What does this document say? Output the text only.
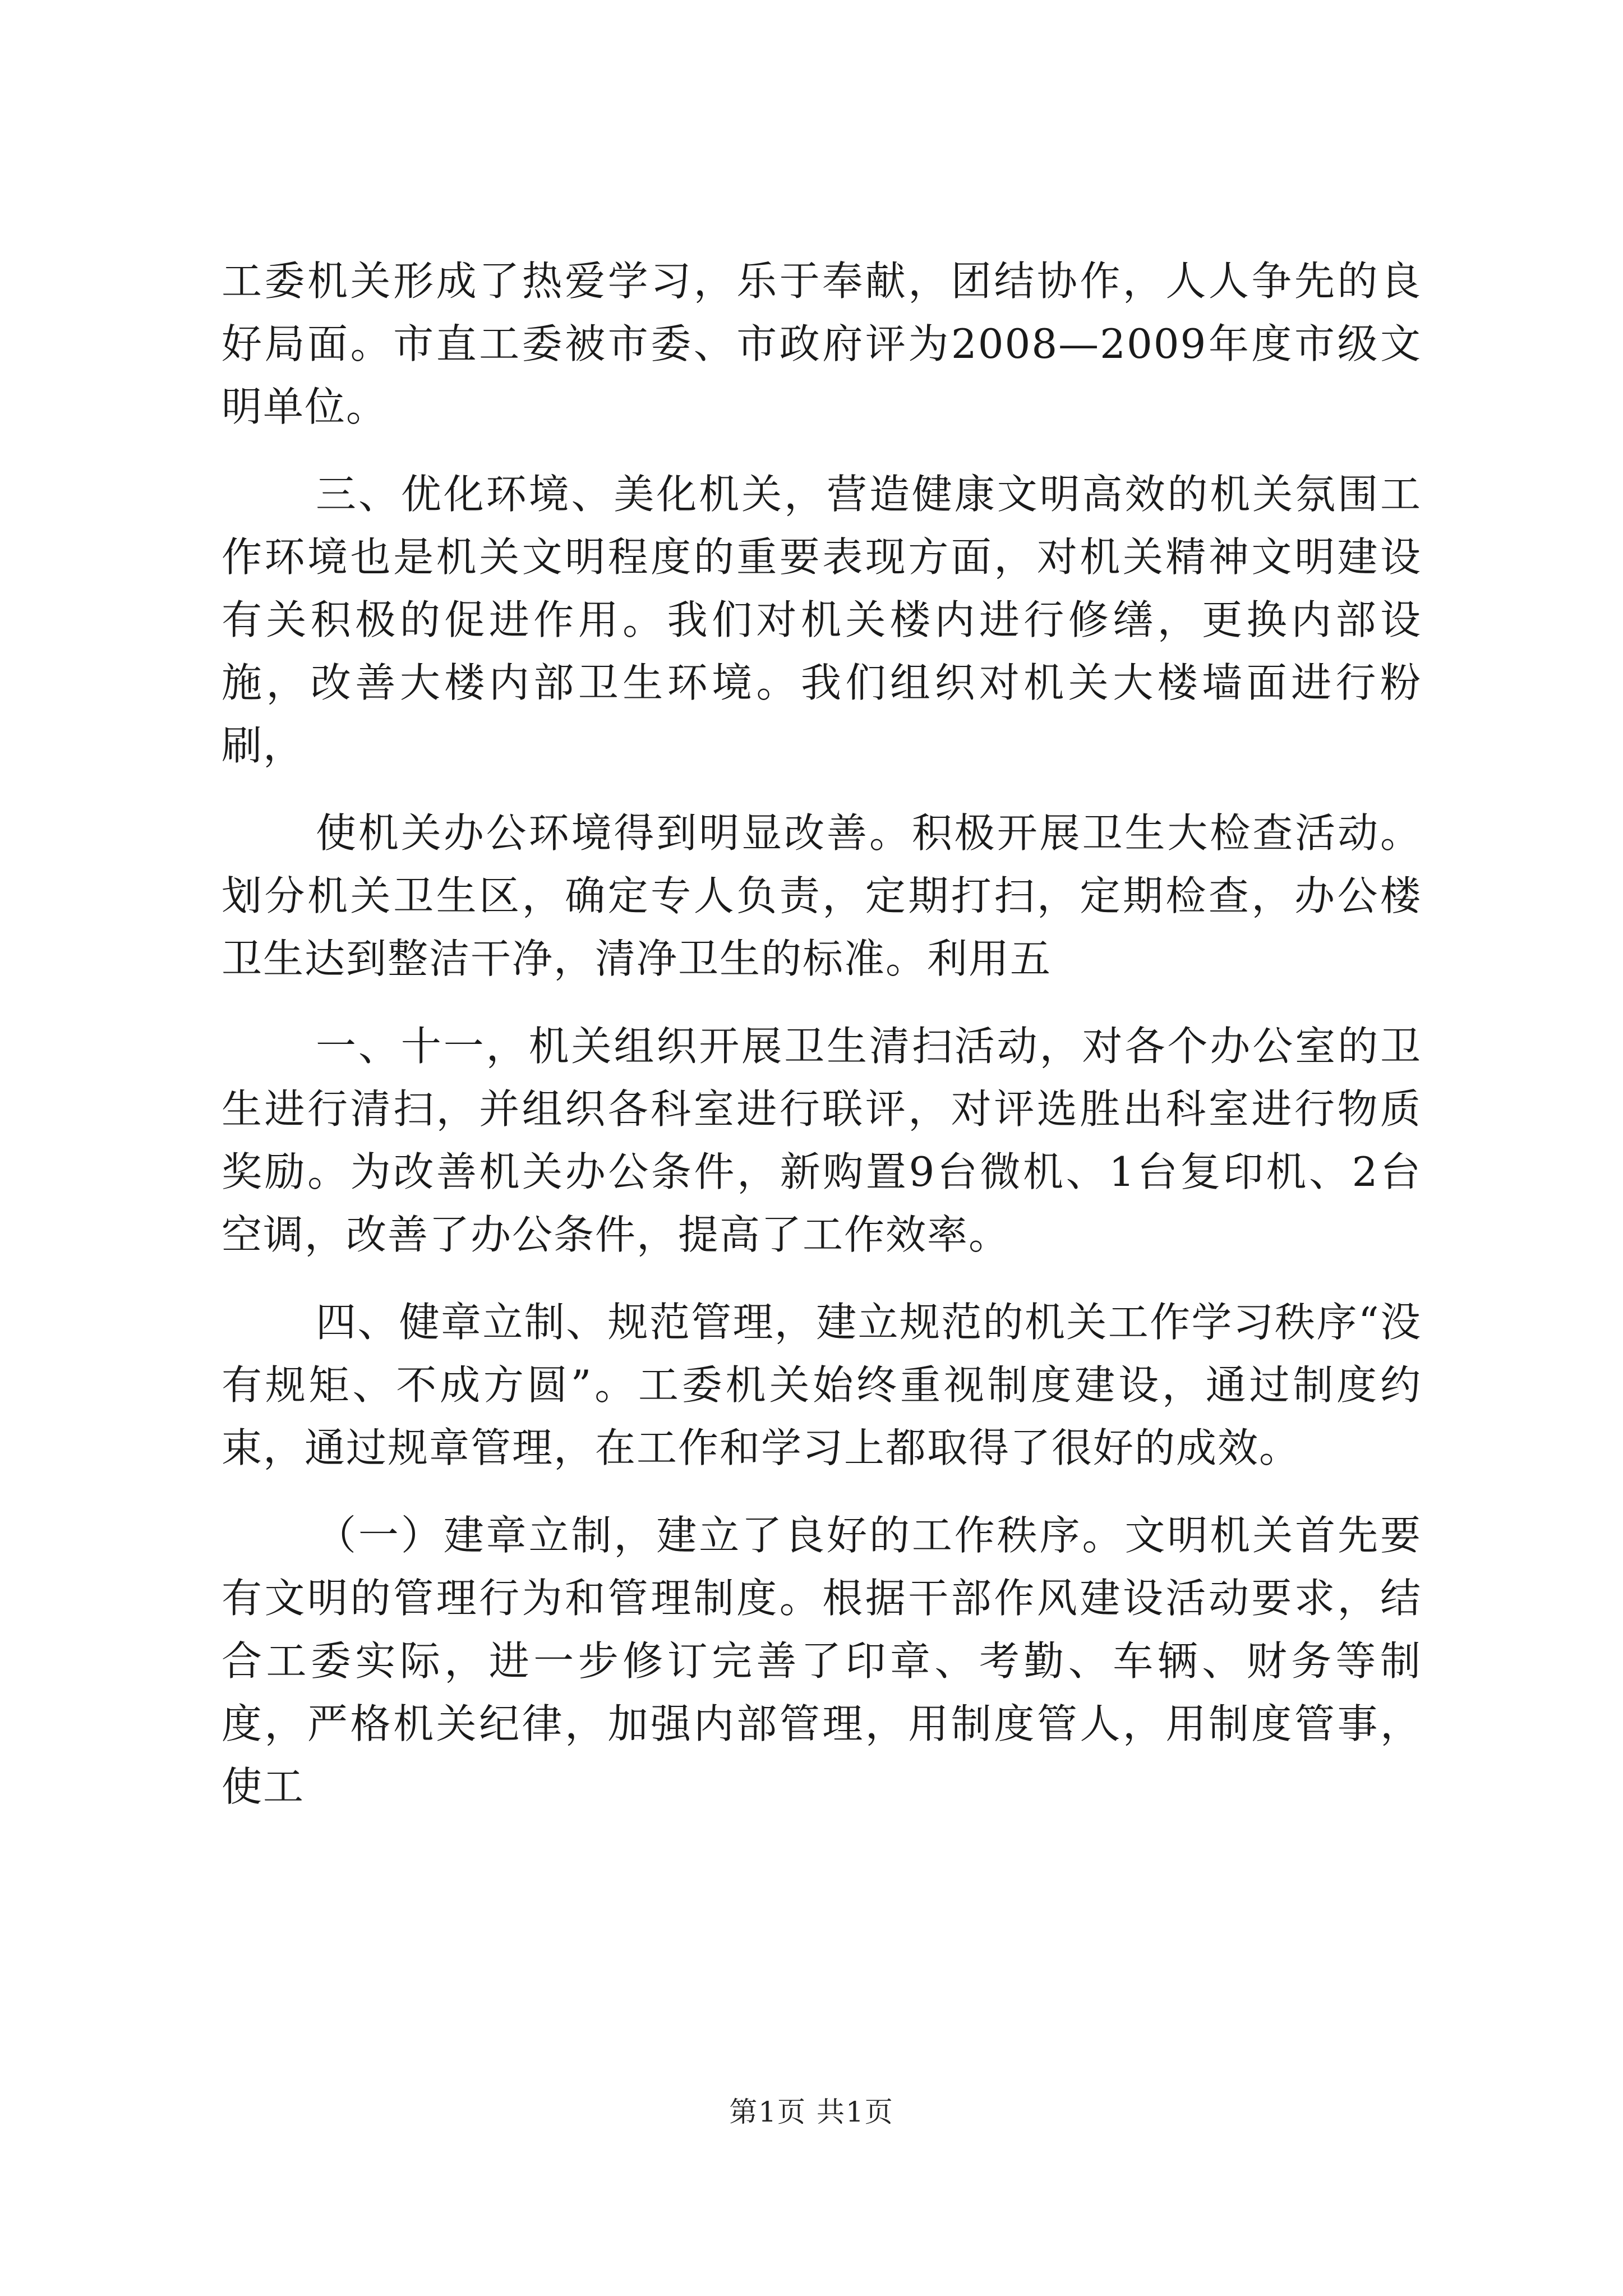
工委机关形成了热爱学习，乐于奉献，团结协作，人人争先的良好局面。市直工委被市委、市政府评为2008—2009年度市级文明单位。

三、优化环境、美化机关，营造健康文明高效的机关氛围工作环境也是机关文明程度的重要表现方面，对机关精神文明建设有关积极的促进作用。我们对机关楼内进行修缮，更换内部设施，改善大楼内部卫生环境。我们组织对机关大楼墙面进行粉刷，

使机关办公环境得到明显改善。积极开展卫生大检查活动。划分机关卫生区，确定专人负责，定期打扫，定期检查，办公楼卫生达到整洁干净，清净卫生的标准。利用五

一、十一，机关组织开展卫生清扫活动，对各个办公室的卫生进行清扫，并组织各科室进行联评，对评选胜出科室进行物质奖励。为改善机关办公条件，新购置9台微机、1台复印机、2台空调，改善了办公条件，提高了工作效率。

四、健章立制、规范管理，建立规范的机关工作学习秩序“没有规矩、不成方圆”。工委机关始终重视制度建设，通过制度约束，通过规章管理，在工作和学习上都取得了很好的成效。

（一）建章立制，建立了良好的工作秩序。文明机关首先要有文明的管理行为和管理制度。根据干部作风建设活动要求，结合工委实际，进一步修订完善了印章、考勤、车辆、财务等制度，严格机关纪律，加强内部管理，用制度管人，用制度管事，使工

第1页 共1页
